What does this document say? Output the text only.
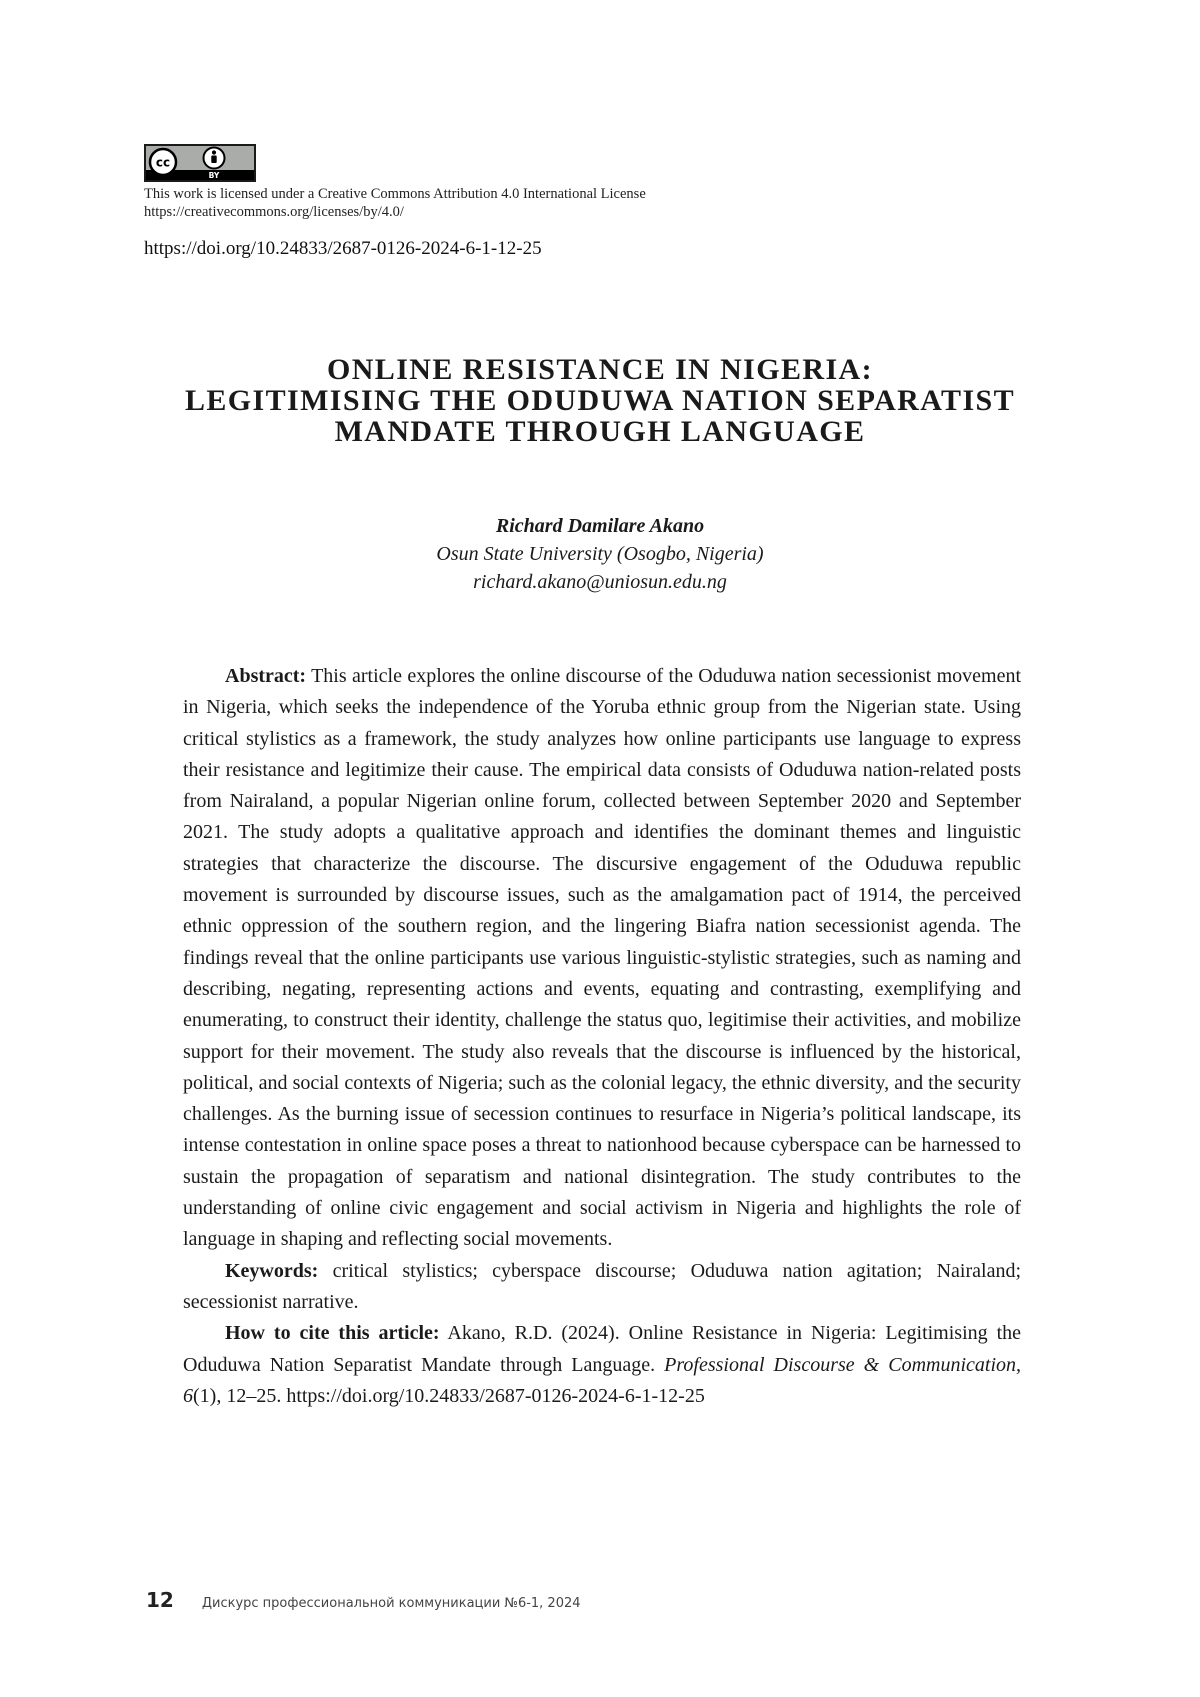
cc
BY
This work is licensed under a Creative Commons Attribution 4.0 International License
https://creativecommons.org/licenses/by/4.0/
https://doi.org/10.24833/2687-0126-2024-6-1-12-25
ONLINE RESISTANCE IN NIGERIA:
LEGITIMISING THE ODUDUWA NATION SEPARATIST
MANDATE THROUGH LANGUAGE
Richard Damilare Akano
Osun State University (Osogbo, Nigeria)
richard.akano@uniosun.edu.ng

Abstract: This article explores the online discourse of the Oduduwa nation secessionist movement in Nigeria, which seeks the independence of the Yoruba ethnic group from the Nigerian state. Using critical stylistics as a framework, the study analyzes how online participants use language to express their resistance and legitimize their cause. The empirical data consists of Oduduwa nation-related posts from Nairaland, a popular Nigerian online forum, collected between September 2020 and September 2021. The study adopts a qualitative approach and identifies the dominant themes and linguistic strategies that characterize the discourse. The discursive engagement of the Oduduwa republic movement is surrounded by discourse issues, such as the amalgamation pact of 1914, the perceived ethnic oppression of the southern region, and the lingering Biafra nation secessionist agenda. The findings reveal that the online participants use various linguistic-stylistic strategies, such as naming and describing, negating, representing actions and events, equating and contrasting, exemplifying and enumerating, to construct their identity, challenge the status quo, legitimise their activities, and mobilize support for their movement. The study also reveals that the discourse is influenced by the historical, political, and social contexts of Nigeria; such as the colonial legacy, the ethnic diversity, and the security challenges. As the burning issue of secession continues to resurface in Nigeria’s political landscape, its intense contestation in online space poses a threat to nationhood because cyberspace can be harnessed to sustain the propagation of separatism and national disintegration. The study contributes to the understanding of online civic engagement and social activism in Nigeria and highlights the role of language in shaping and reflecting social movements.

Keywords: critical stylistics; cyberspace discourse; Oduduwa nation agitation; Nairaland; secessionist narrative.

How to cite this article: Akano, R.D. (2024). Online Resistance in Nigeria: Legitimising the Oduduwa Nation Separatist Mandate through Language. Professional Discourse & Communication, 6(1), 12–25. https://doi.org/10.24833/2687-0126-2024-6-1-12-25

12 Дискурс профессиональной коммуникации №6-1, 2024
